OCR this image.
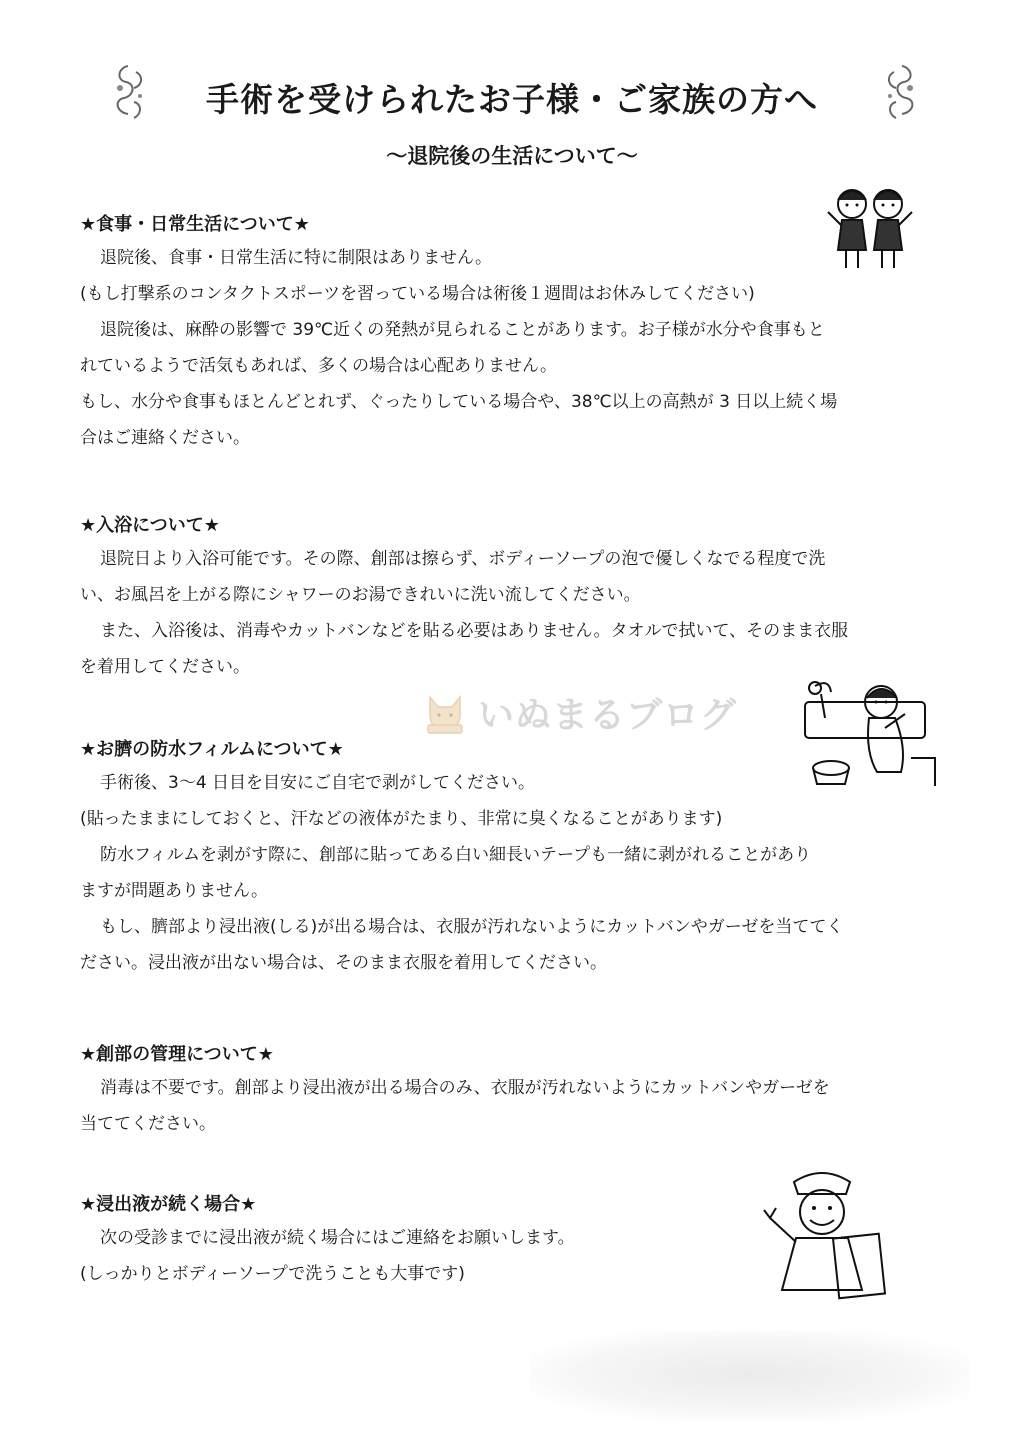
手術を受けられたお子様・ご家族の方へ
～退院後の生活について～
★食事・日常生活について★
退院後、食事・日常生活に特に制限はありません。
(もし打撃系のコンタクトスポーツを習っている場合は術後１週間はお休みしてください)
退院後は、麻酔の影響で 39℃近くの発熱が見られることがあります。お子様が水分や食事もと
れているようで活気もあれば、多くの場合は心配ありません。
もし、水分や食事もほとんどとれず、ぐったりしている場合や、38℃以上の高熱が 3 日以上続く場
合はご連絡ください。
★入浴について★
退院日より入浴可能です。その際、創部は擦らず、ボディーソープの泡で優しくなでる程度で洗
い、お風呂を上がる際にシャワーのお湯できれいに洗い流してください。
また、入浴後は、消毒やカットバンなどを貼る必要はありません。タオルで拭いて、そのまま衣服
を着用してください。
★お臍の防水フィルムについて★
手術後、3～4 日目を目安にご自宅で剥がしてください。
(貼ったままにしておくと、汗などの液体がたまり、非常に臭くなることがあります)
防水フィルムを剥がす際に、創部に貼ってある白い細長いテープも一緒に剥がれることがあり
ますが問題ありません。
もし、臍部より浸出液(しる)が出る場合は、衣服が汚れないようにカットバンやガーゼを当ててく
ださい。浸出液が出ない場合は、そのまま衣服を着用してください。
★創部の管理について★
消毒は不要です。創部より浸出液が出る場合のみ、衣服が汚れないようにカットバンやガーゼを
当ててください。
★浸出液が続く場合★
次の受診までに浸出液が続く場合にはご連絡をお願いします。
(しっかりとボディーソープで洗うことも大事です)
いぬまるブログ
